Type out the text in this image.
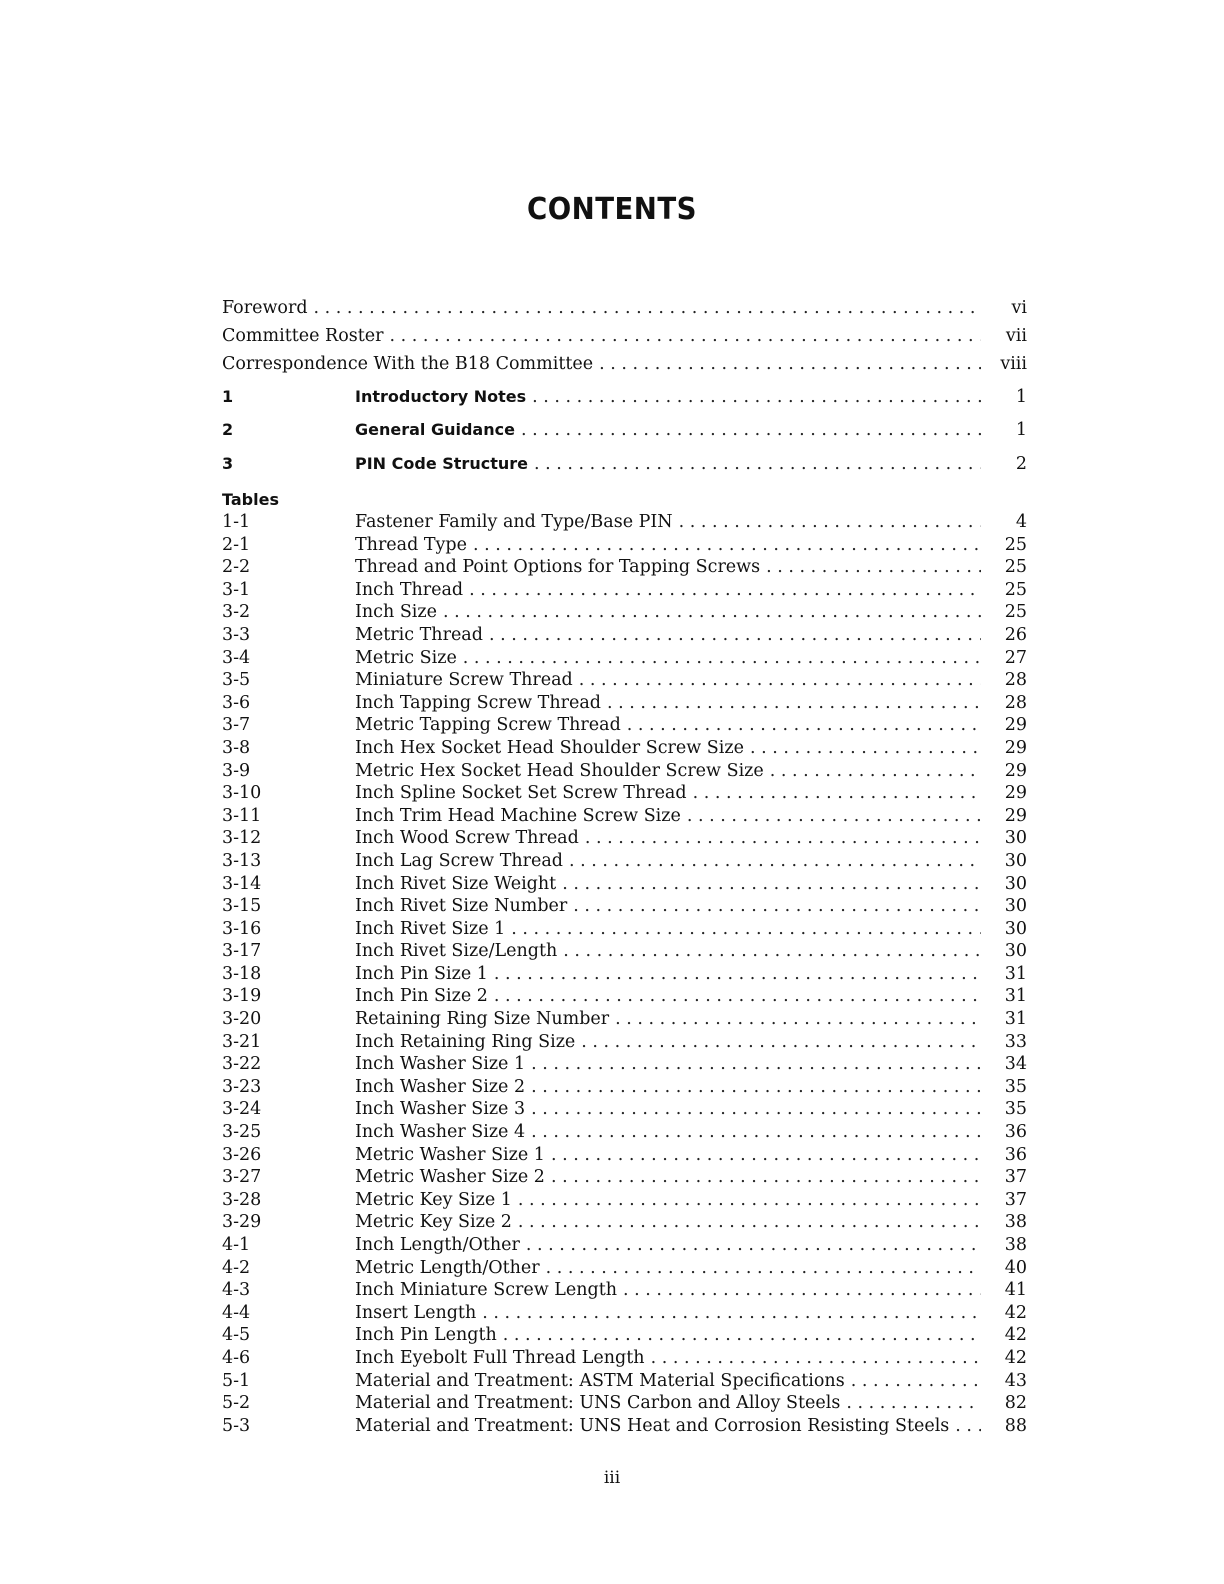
CONTENTS
Foreword . . .	vi
Committee Roster . . .	vii
Correspondence With the B18 Committee . . .	viii
1	Introductory Notes . . .	1
2	General Guidance . . .	1
3	PIN Code Structure . . .	2
Tables
1-1	Fastener Family and Type/Base PIN . . .	4
2-1	Thread Type . . .	25
2-2	Thread and Point Options for Tapping Screws . . .	25
3-1	Inch Thread . . .	25
3-2	Inch Size . . .	25
3-3	Metric Thread . . .	26
3-4	Metric Size . . .	27
3-5	Miniature Screw Thread . . .	28
3-6	Inch Tapping Screw Thread . . .	28
3-7	Metric Tapping Screw Thread . . .	29
3-8	Inch Hex Socket Head Shoulder Screw Size . . .	29
3-9	Metric Hex Socket Head Shoulder Screw Size . . .	29
3-10	Inch Spline Socket Set Screw Thread . . .	29
3-11	Inch Trim Head Machine Screw Size . . .	29
3-12	Inch Wood Screw Thread . . .	30
3-13	Inch Lag Screw Thread . . .	30
3-14	Inch Rivet Size Weight . . .	30
3-15	Inch Rivet Size Number . . .	30
3-16	Inch Rivet Size 1 . . .	30
3-17	Inch Rivet Size/Length . . .	30
3-18	Inch Pin Size 1 . . .	31
3-19	Inch Pin Size 2 . . .	31
3-20	Retaining Ring Size Number . . .	31
3-21	Inch Retaining Ring Size . . .	33
3-22	Inch Washer Size 1 . . .	34
3-23	Inch Washer Size 2 . . .	35
3-24	Inch Washer Size 3 . . .	35
3-25	Inch Washer Size 4 . . .	36
3-26	Metric Washer Size 1 . . .	36
3-27	Metric Washer Size 2 . . .	37
3-28	Metric Key Size 1 . . .	37
3-29	Metric Key Size 2 . . .	38
4-1	Inch Length/Other . . .	38
4-2	Metric Length/Other . . .	40
4-3	Inch Miniature Screw Length . . .	41
4-4	Insert Length . . .	42
4-5	Inch Pin Length . . .	42
4-6	Inch Eyebolt Full Thread Length . . .	42
5-1	Material and Treatment: ASTM Material Specifications . . .	43
5-2	Material and Treatment: UNS Carbon and Alloy Steels . . .	82
5-3	Material and Treatment: UNS Heat and Corrosion Resisting Steels . . .	88
iii
